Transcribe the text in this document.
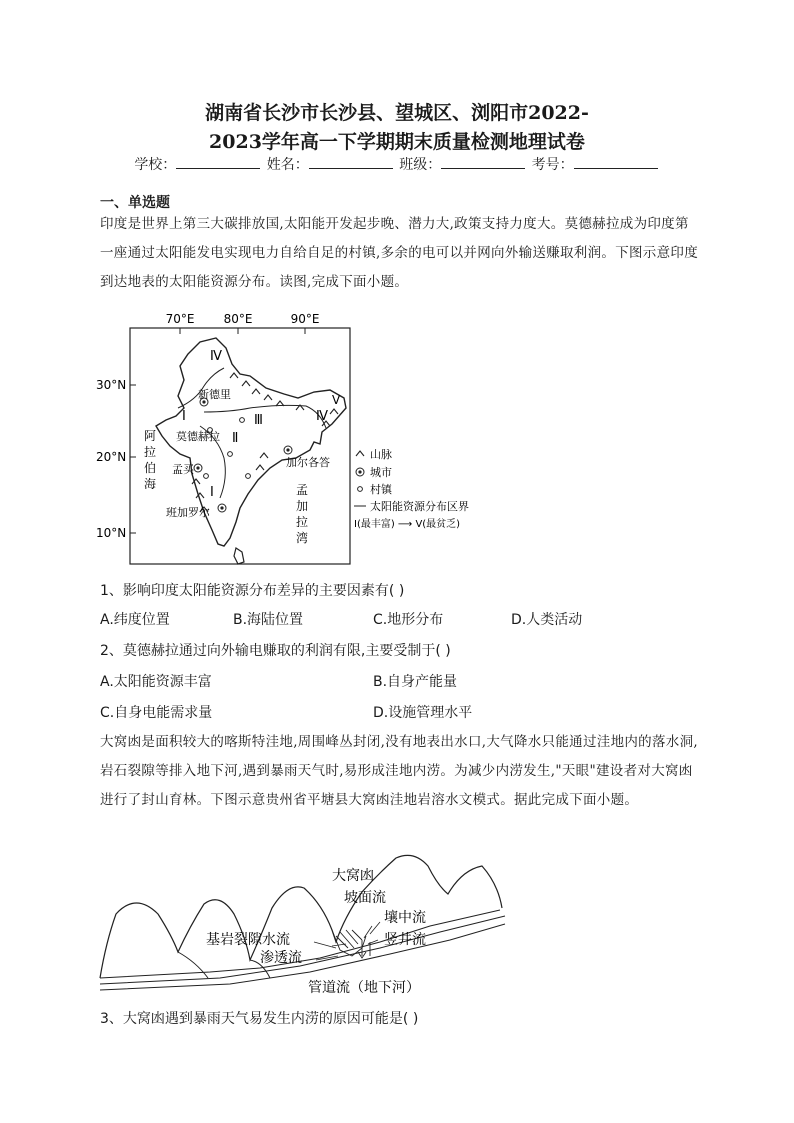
湖南省长沙市长沙县、望城区、浏阳市2022-
2023学年高一下学期期末质量检测地理试卷
学校：	姓名：	班级：	考号：
一、单选题
印度是世界上第三大碳排放国,太阳能开发起步晚、潜力大,政策支持力度大。莫德赫拉成为印度第一座通过太阳能发电实现电力自给自足的村镇,多余的电可以并网向外输送赚取利润。下图示意印度到达地表的太阳能资源分布。读图,完成下面小题。
70°E 80°E	90°E
30°N
20°N
10°N
Ⅳ
Ⅰ	Ⅲ
Ⅱ
Ⅳ
Ⅴ
Ⅰ
新德里
莫德赫拉
加尔各答
孟买
班加罗尔
阿
拉
伯
海	孟
加
拉
湾
山脉
城市
村镇
太阳能资源分布区界
Ⅰ(最丰富) ⟶ Ⅴ(最贫乏)
1、影响印度太阳能资源分布差异的主要因素有( )
A.纬度位置	B.海陆位置	C.地形分布	D.人类活动
2、莫德赫拉通过向外输电赚取的利润有限,主要受制于( )
A.太阳能资源丰富	B.自身产能量
C.自身电能需求量	D.设施管理水平
大窝凼是面积较大的喀斯特洼地,周围峰丛封闭,没有地表出水口,大气降水只能通过洼地内的落水洞,岩石裂隙等排入地下河,遇到暴雨天气时,易形成洼地内涝。为减少内涝发生,"天眼"建设者对大窝凼进行了封山育林。下图示意贵州省平塘县大窝凼洼地岩溶水文模式。据此完成下面小题。
大窝凼
坡面流
壤中流
竖井流
基岩裂隙水流
渗透流
管道流（地下河）
3、大窝凼遇到暴雨天气易发生内涝的原因可能是( )
